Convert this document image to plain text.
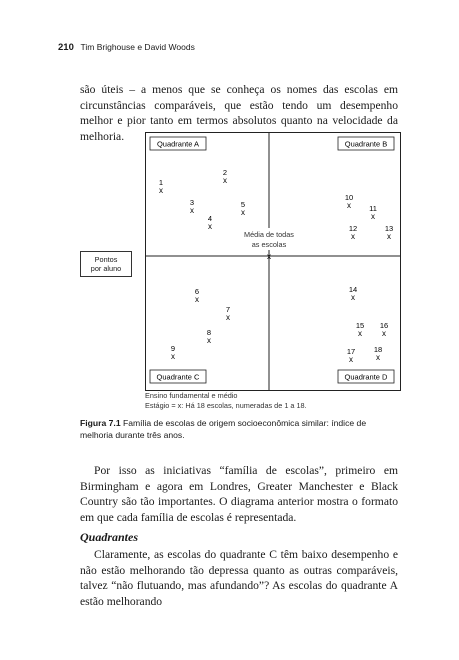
210 Tim Brighouse e David Woods
são úteis – a menos que se conheça os nomes das escolas em circunstâncias comparáveis, que estão tendo um desempenho melhor e pior tanto em termos absolutos quanto na velocidade da melhoria.
Pontos
por aluno
Quadrante A	Quadrante B
Quadrante C	Quadrante D
Média de todas
as escolas
x
1
x
2
x
3
x
4
x
5
x
6
x
7
x
8
x
9
x
10
x 11
x
12
x
13
x
14
x
15
x
16
x
17
x
18
x
Ensino fundamental e médio
Estágio = x: Há 18 escolas, numeradas de 1 a 18.
Figura 7.1 Família de escolas de origem socioeconômica similar: índice de melhoria durante três anos.
Por isso as iniciativas “família de escolas”, primeiro em Birmingham e agora em Londres, Greater Manchester e Black Country são tão importantes. O diagrama anterior mostra o formato em que cada família de escolas é representada.
Quadrantes
Claramente, as escolas do quadrante C têm baixo desempenho e não estão melhorando tão depressa quanto as outras comparáveis, talvez “não flutuando, mas afundando”? As escolas do quadrante A estão melhorando
